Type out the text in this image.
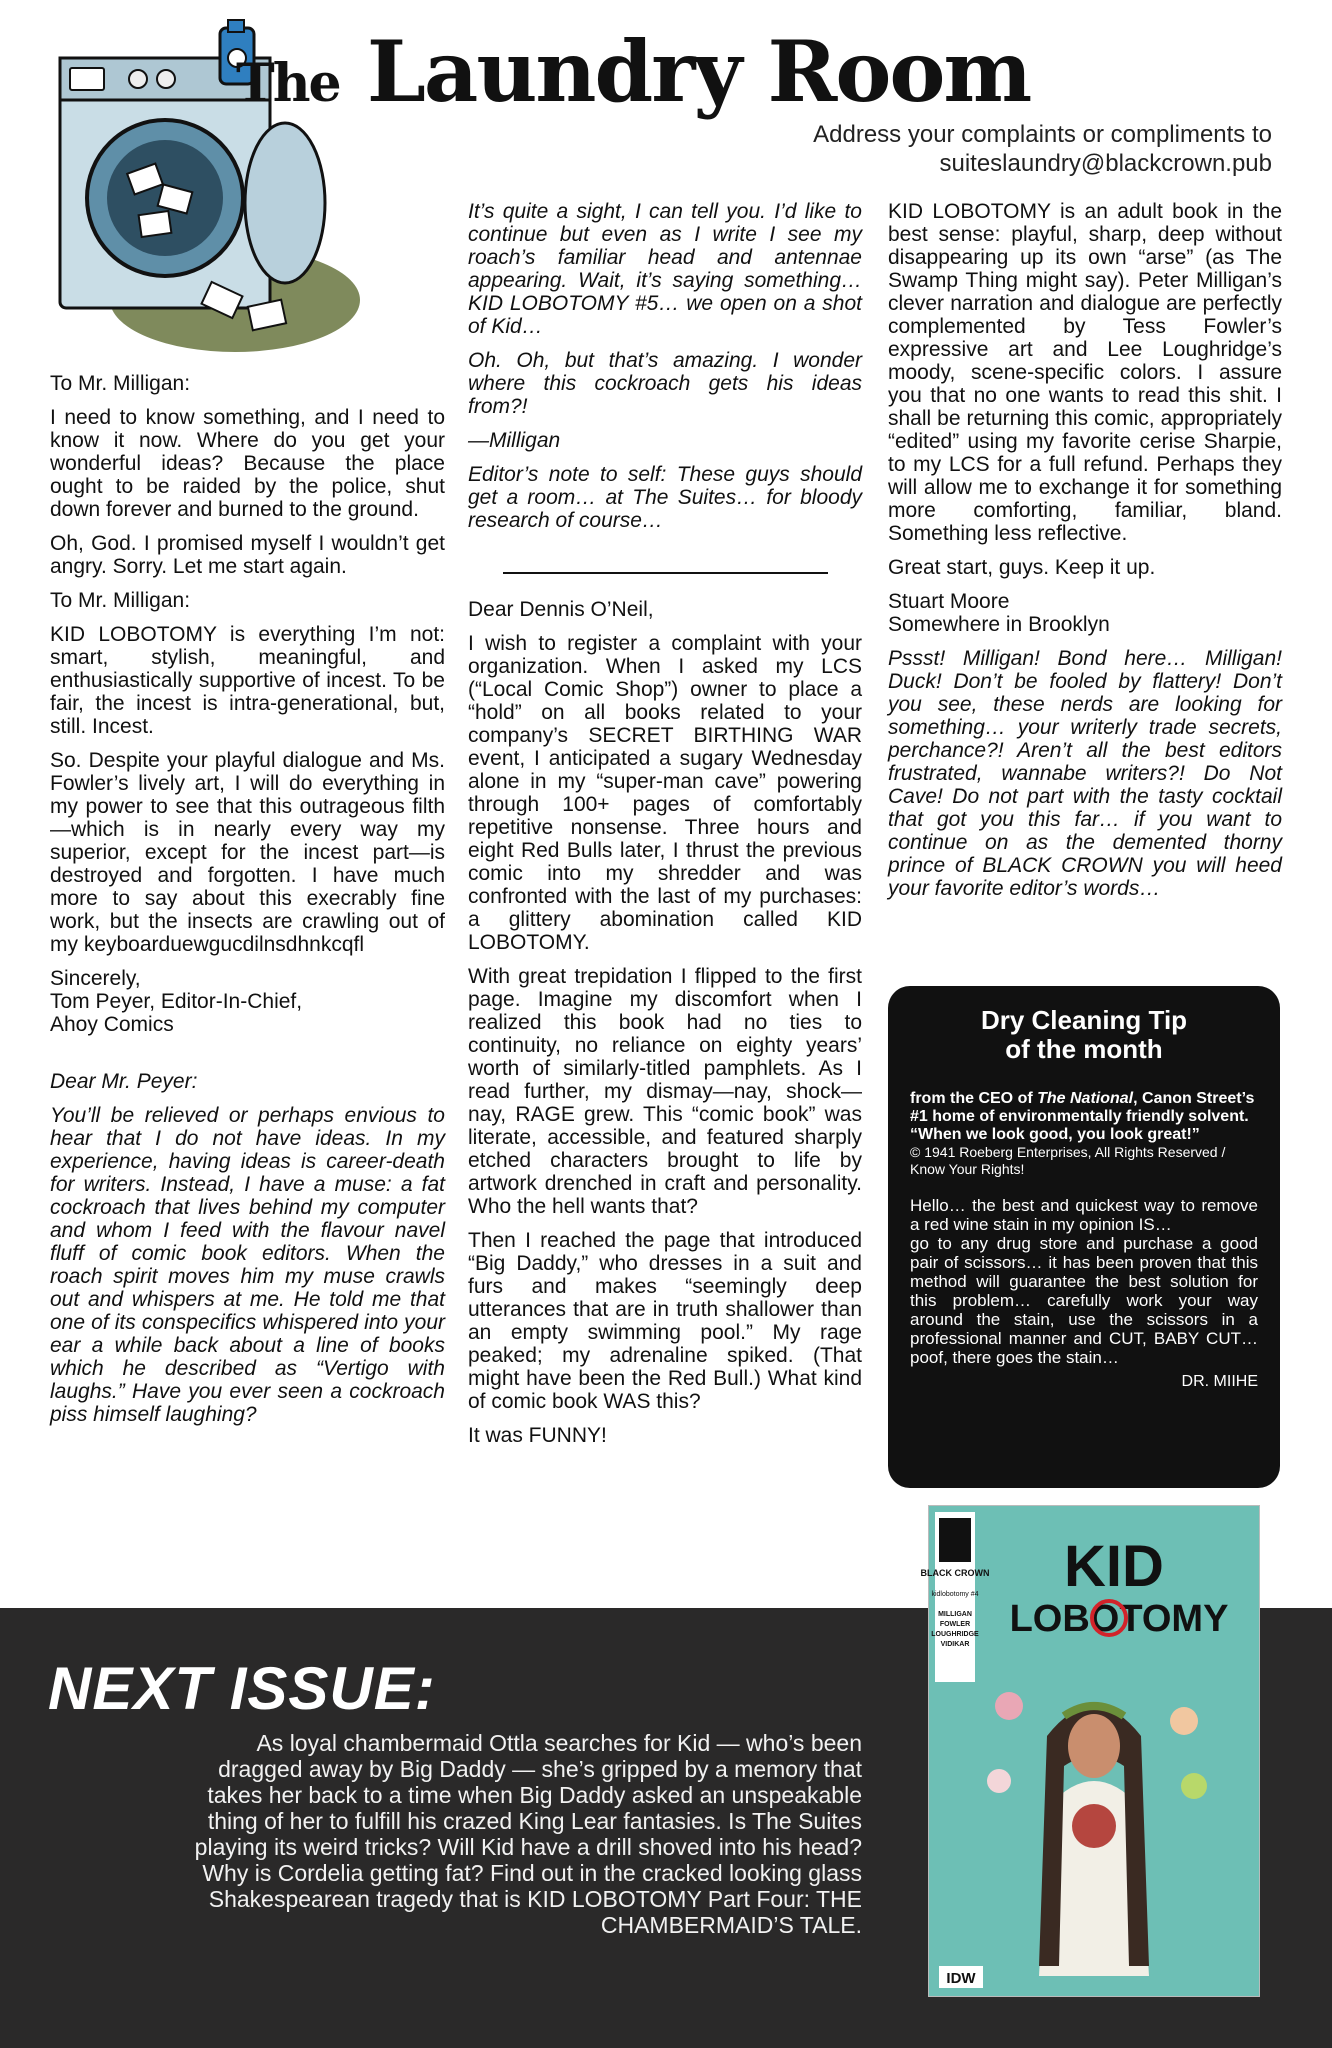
The Laundry Room
Address your complaints or compliments to
suiteslaundry@blackcrown.pub

To Mr. Milligan:

I need to know something, and I need to know it now. Where do you get your wonderful ideas? Because the place ought to be raided by the police, shut down forever and burned to the ground.

Oh, God. I promised myself I wouldn’t get angry. Sorry. Let me start again.

To Mr. Milligan:

KID LOBOTOMY is everything I’m not: smart, stylish, meaningful, and enthusiastically supportive of incest. To be fair, the incest is intra-generational, but, still. Incest.

So. Despite your playful dialogue and Ms. Fowler’s lively art, I will do everything in my power to see that this outrageous filth—which is in nearly every way my superior, except for the incest part—is destroyed and forgotten. I have much more to say about this execrably fine work, but the insects are crawling out of my keyboarduewgucdilnsdhnkcqfl

Sincerely,
Tom Peyer, Editor-In-Chief,
Ahoy Comics

Dear Mr. Peyer:

You’ll be relieved or perhaps envious to hear that I do not have ideas. In my experience, having ideas is career-death for writers. Instead, I have a muse: a fat cockroach that lives behind my computer and whom I feed with the flavour navel fluff of comic book editors. When the roach spirit moves him my muse crawls out and whispers at me. He told me that one of its conspecifics whispered into your ear a while back about a line of books which he described as “Vertigo with laughs.” Have you ever seen a cockroach piss himself laughing?

It’s quite a sight, I can tell you. I’d like to continue but even as I write I see my roach’s familiar head and antennae appearing. Wait, it’s saying something… KID LOBOTOMY #5… we open on a shot of Kid…

Oh. Oh, but that’s amazing. I wonder where this cockroach gets his ideas from?!

—Milligan

Editor’s note to self: These guys should get a room… at The Suites… for bloody research of course…

Dear Dennis O’Neil,

I wish to register a complaint with your organization. When I asked my LCS (“Local Comic Shop”) owner to place a “hold” on all books related to your company’s SECRET BIRTHING WAR event, I anticipated a sugary Wednesday alone in my “super-man cave” powering through 100+ pages of comfortably repetitive nonsense. Three hours and eight Red Bulls later, I thrust the previous comic into my shredder and was confronted with the last of my purchases: a glittery abomination called KID LOBOTOMY.

With great trepidation I flipped to the first page. Imagine my discomfort when I realized this book had no ties to continuity, no reliance on eighty years’ worth of similarly-titled pamphlets. As I read further, my dismay—nay, shock—nay, RAGE grew. This “comic book” was literate, accessible, and featured sharply etched characters brought to life by artwork drenched in craft and personality. Who the hell wants that?

Then I reached the page that introduced “Big Daddy,” who dresses in a suit and furs and makes “seemingly deep utterances that are in truth shallower than an empty swimming pool.” My rage peaked; my adrenaline spiked. (That might have been the Red Bull.) What kind of comic book WAS this?

It was FUNNY!

KID LOBOTOMY is an adult book in the best sense: playful, sharp, deep without disappearing up its own “arse” (as The Swamp Thing might say). Peter Milligan’s clever narration and dialogue are perfectly complemented by Tess Fowler’s expressive art and Lee Loughridge’s moody, scene-specific colors. I assure you that no one wants to read this shit. I shall be returning this comic, appropriately “edited” using my favorite cerise Sharpie, to my LCS for a full refund. Perhaps they will allow me to exchange it for something more comforting, familiar, bland. Something less reflective.

Great start, guys. Keep it up.

Stuart Moore
Somewhere in Brooklyn

Pssst! Milligan! Bond here… Milligan! Duck! Don’t be fooled by flattery! Don’t you see, these nerds are looking for something… your writerly trade secrets, perchance?! Aren’t all the best editors frustrated, wannabe writers?! Do Not Cave! Do not part with the tasty cocktail that got you this far… if you want to continue on as the demented thorny prince of BLACK CROWN you will heed your favorite editor’s words…

Dry Cleaning Tip
of the month
from the CEO of The National, Canon Street’s #1 home of environmentally friendly solvent.
“When we look good, you look great!”
© 1941 Roeberg Enterprises, All Rights Reserved / Know Your Rights!
Hello… the best and quickest way to remove a red wine stain in my opinion IS…
go to any drug store and purchase a good pair of scissors… it has been proven that this method will guarantee the best solution for this problem… carefully work your way around the stain, use the scissors in a professional manner and CUT, BABY CUT…poof, there goes the stain…
DR. MIIHE
NEXT ISSUE:
As loyal chambermaid Ottla searches for Kid — who’s been dragged away by Big Daddy — she’s gripped by a memory that takes her back to a time when Big Daddy asked an unspeakable thing of her to fulfill his crazed King Lear fantasies. Is The Suites playing its weird tricks? Will Kid have a drill shoved into his head? Why is Cordelia getting fat? Find out in the cracked looking glass Shakespearean tragedy that is KID LOBOTOMY Part Four: THE CHAMBERMAID’S TALE.
BLACK CROWN
kidlobotomy #4
MILLIGAN
FOWLER
LOUGHRIDGE
VIDIKAR
KID
LOBOTOMY
IDW
